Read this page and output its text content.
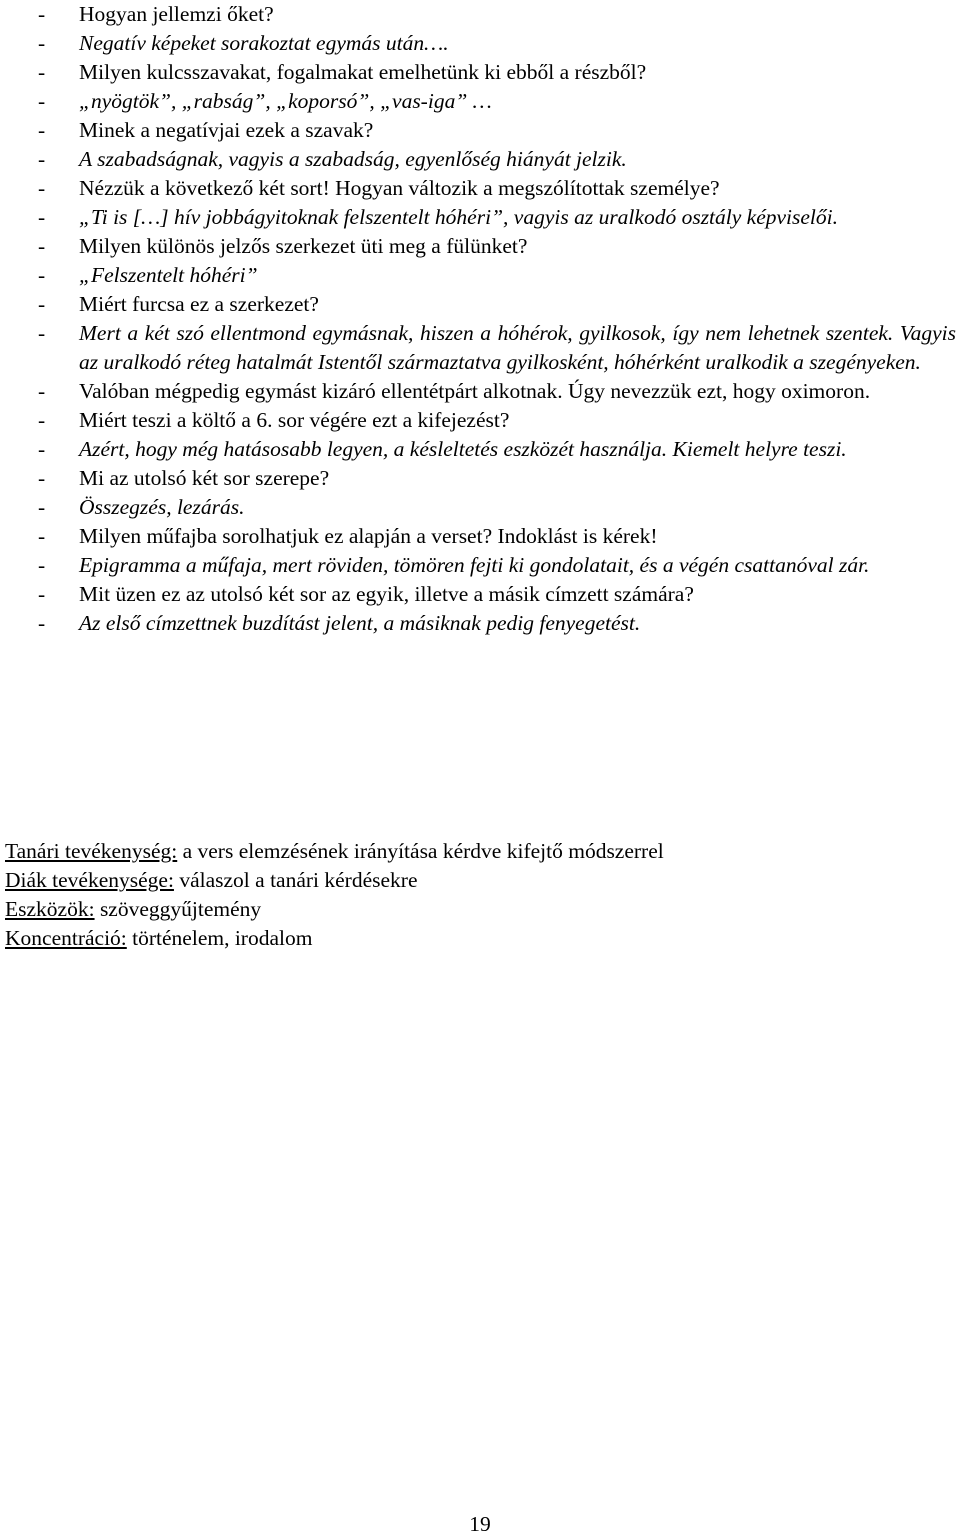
- Hogyan jellemzi őket?
- Negatív képeket sorakoztat egymás után….
- Milyen kulcsszavakat, fogalmakat emelhetünk ki ebből a részből?
- „nyögtök”, „rabság”, „koporsó”, „vas-iga” …
- Minek a negatívjai ezek a szavak?
- A szabadságnak, vagyis a szabadság, egyenlőség hiányát jelzik.
- Nézzük a következő két sort! Hogyan változik a megszólítottak személye?
- „Ti is […] hív jobbágyitoknak felszentelt hóhéri”, vagyis az uralkodó osztály képviselői.
- Milyen különös jelzős szerkezet üti meg a fülünket?
- „Felszentelt hóhéri”
- Miért furcsa ez a szerkezet?
- Mert a két szó ellentmond egymásnak, hiszen a hóhérok, gyilkosok, így nem lehetnek szentek. Vagyis az uralkodó réteg hatalmát Istentől származtatva gyilkosként, hóhérként uralkodik a szegényeken.
- Valóban mégpedig egymást kizáró ellentétpárt alkotnak. Úgy nevezzük ezt, hogy oximoron.
- Miért teszi a költő a 6. sor végére ezt a kifejezést?
- Azért, hogy még hatásosabb legyen, a késleltetés eszközét használja. Kiemelt helyre teszi.
- Mi az utolsó két sor szerepe?
- Összegzés, lezárás.
- Milyen műfajba sorolhatjuk ez alapján a verset? Indoklást is kérek!
- Epigramma a műfaja, mert röviden, tömören fejti ki gondolatait, és a végén csattanóval zár.
- Mit üzen ez az utolsó két sor az egyik, illetve a másik címzett számára?
- Az első címzettnek buzdítást jelent, a másiknak pedig fenyegetést.
Tanári tevékenység: a vers elemzésének irányítása kérdve kifejtő módszerrel
Diák tevékenysége: válaszol a tanári kérdésekre
Eszközök: szöveggyűjtemény
Koncentráció: történelem, irodalom
19
